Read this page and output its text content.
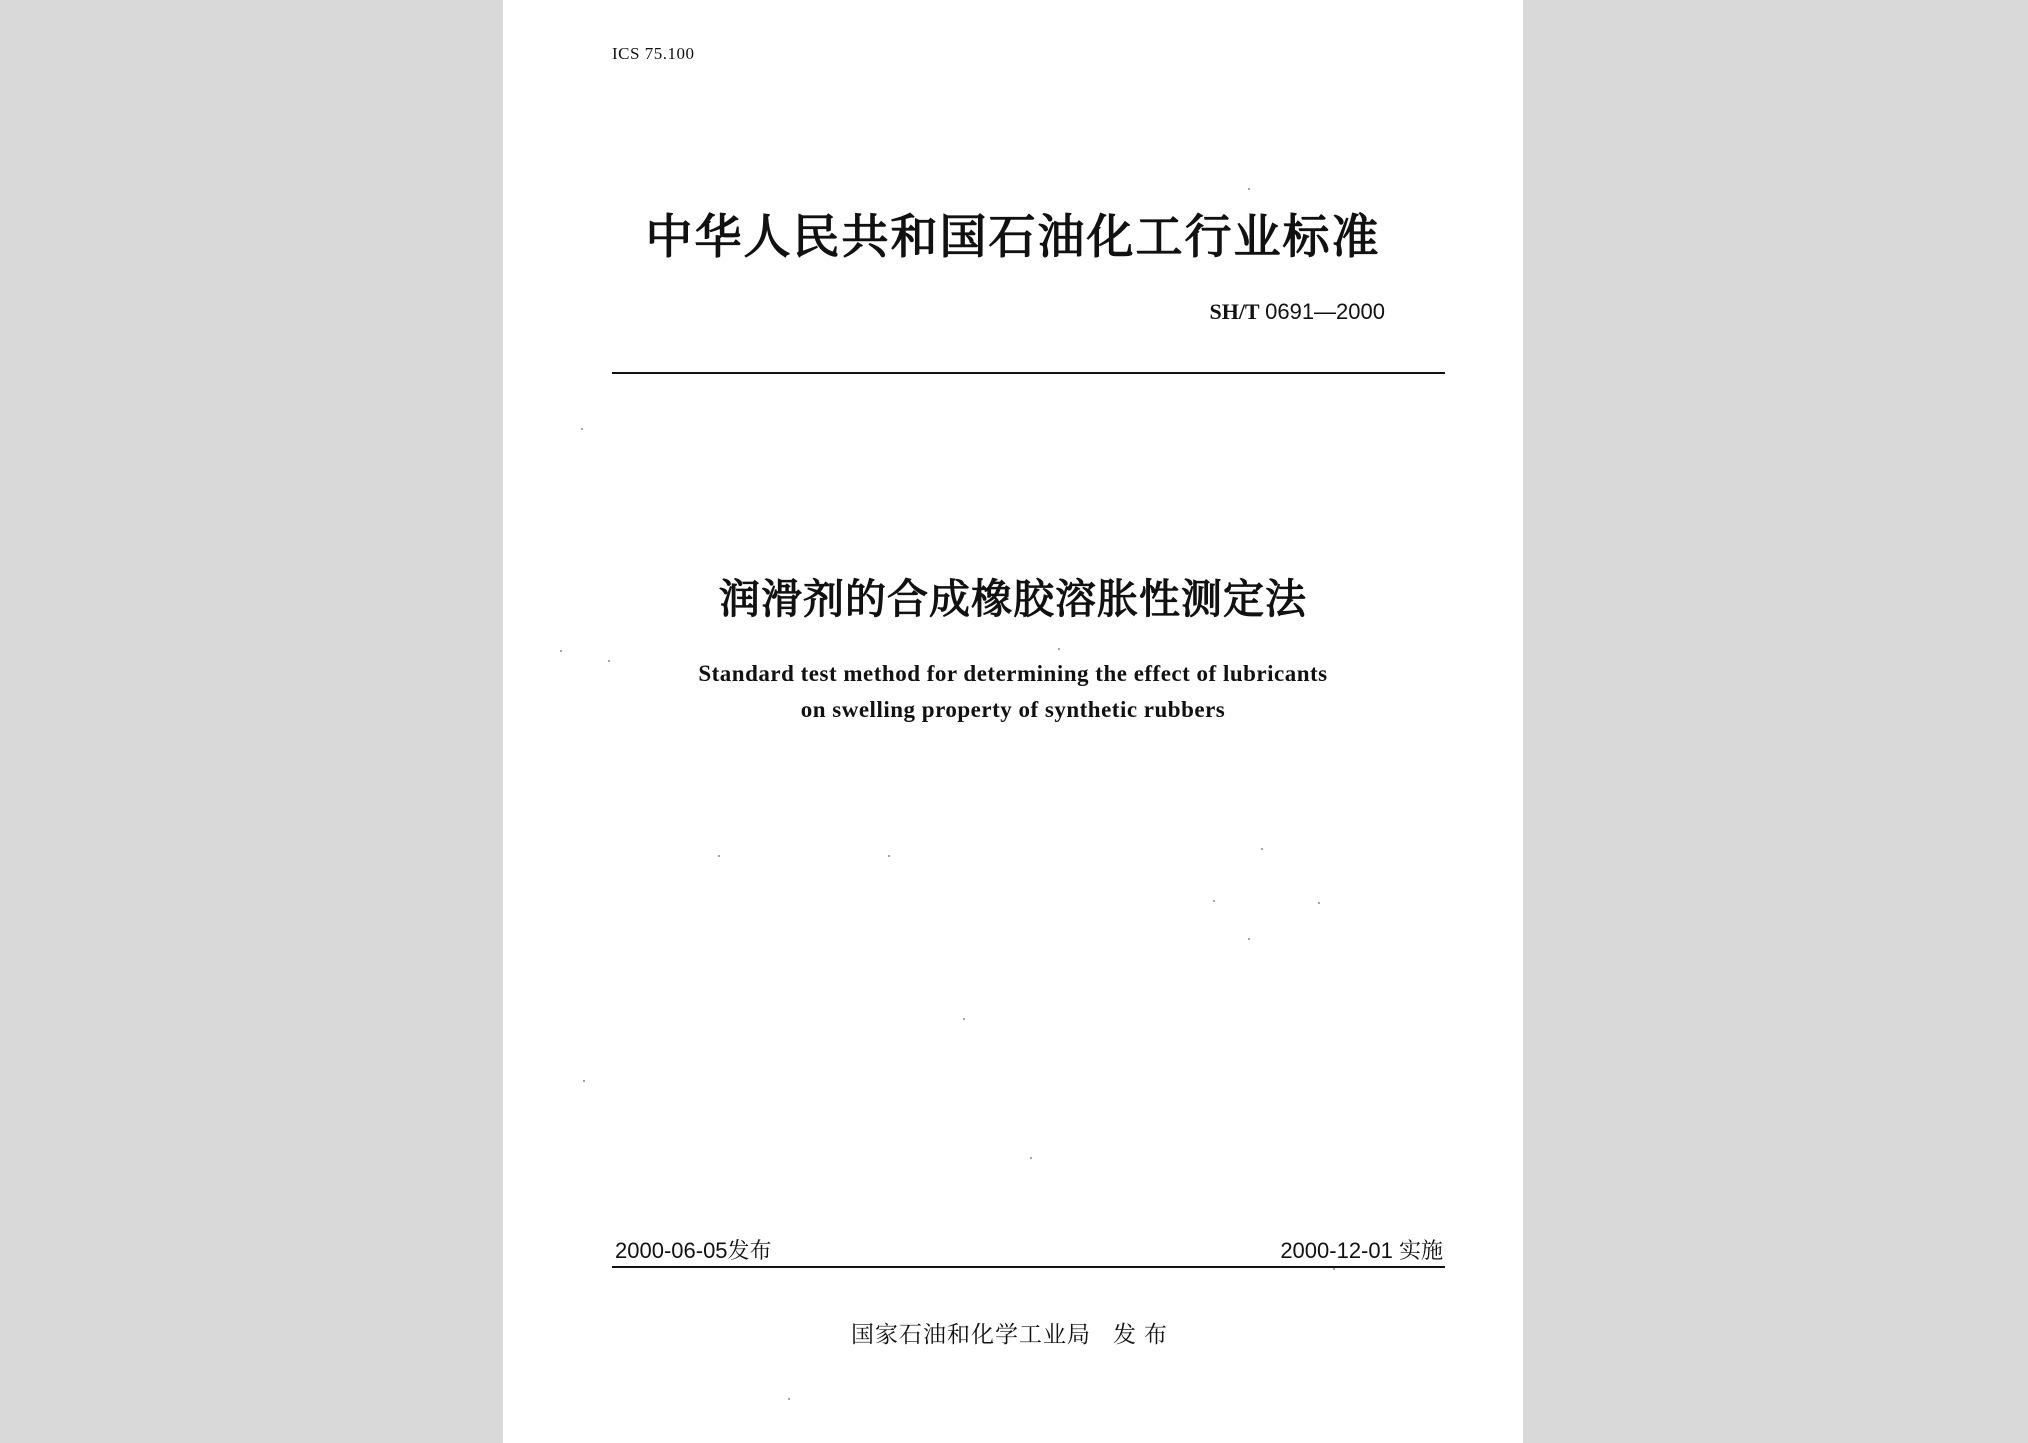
ICS 75.100
中华人民共和国石油化工行业标准
SH/T 0691—2000
润滑剂的合成橡胶溶胀性测定法
Standard test method for determining the effect of lubricants
on swelling property of synthetic rubbers
2000-06-05发布	2000-12-01 实施
国家石油和化学工业局 发布
